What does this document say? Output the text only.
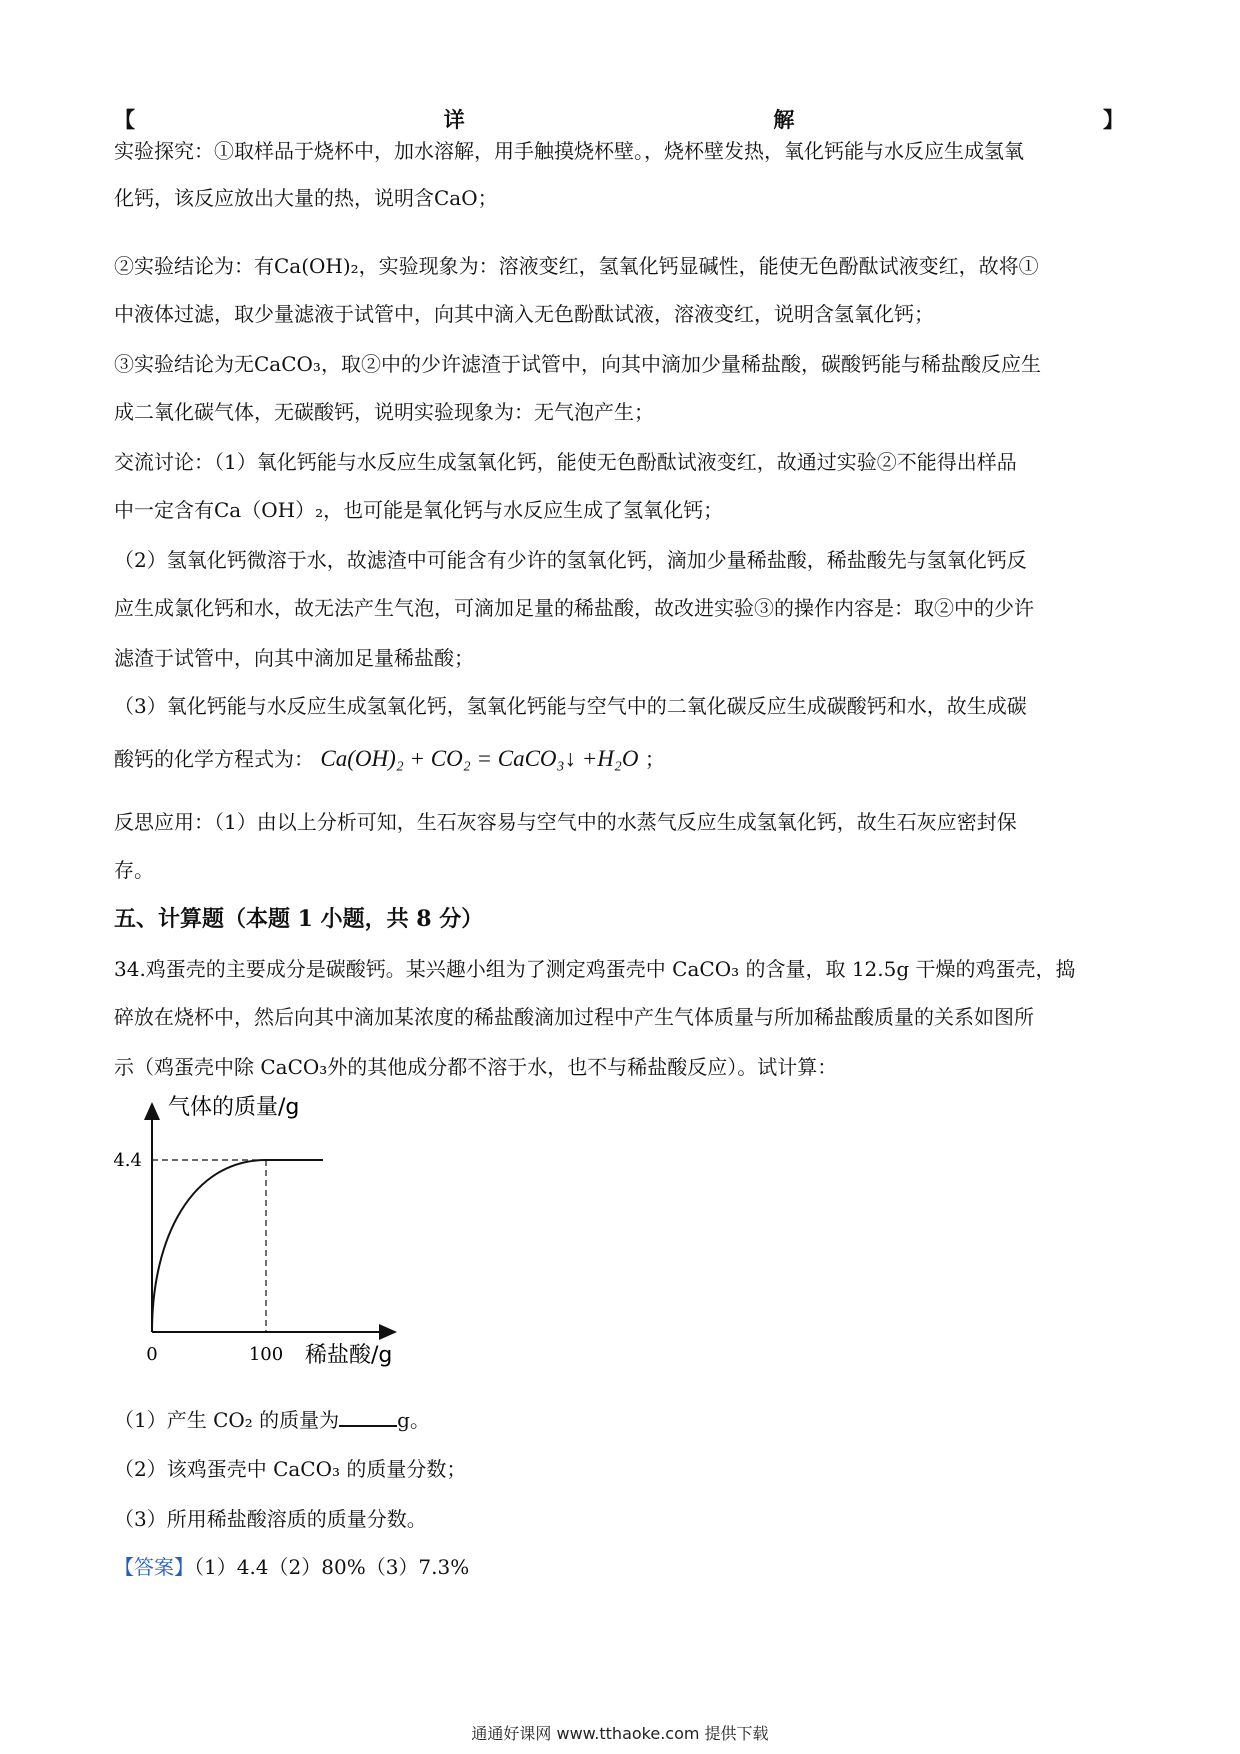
【	详	解	】
实验探究：①取样品于烧杯中，加水溶解，用手触摸烧杯壁。，烧杯壁发热，氧化钙能与水反应生成氢氧
化钙，该反应放出大量的热，说明含CaO；
②实验结论为：有Ca(OH)₂，实验现象为：溶液变红，氢氧化钙显碱性，能使无色酚酞试液变红，故将①
中液体过滤，取少量滤液于试管中，向其中滴入无色酚酞试液，溶液变红，说明含氢氧化钙；
③实验结论为无CaCO₃，取②中的少许滤渣于试管中，向其中滴加少量稀盐酸，碳酸钙能与稀盐酸反应生
成二氧化碳气体，无碳酸钙，说明实验现象为：无气泡产生；
交流讨论：（1）氧化钙能与水反应生成氢氧化钙，能使无色酚酞试液变红，故通过实验②不能得出样品
中一定含有Ca（OH）₂，也可能是氧化钙与水反应生成了氢氧化钙；
（2）氢氧化钙微溶于水，故滤渣中可能含有少许的氢氧化钙，滴加少量稀盐酸，稀盐酸先与氢氧化钙反
应生成氯化钙和水，故无法产生气泡，可滴加足量的稀盐酸，故改进实验③的操作内容是：取②中的少许
滤渣于试管中，向其中滴加足量稀盐酸；
（3）氧化钙能与水反应生成氢氧化钙，氢氧化钙能与空气中的二氧化碳反应生成碳酸钙和水，故生成碳
酸钙的化学方程式为： Ca(OH)₂ + CO₂ = CaCO₃↓ +H₂O ；
反思应用：（1）由以上分析可知，生石灰容易与空气中的水蒸气反应生成氢氧化钙，故生石灰应密封保
存。
五、计算题（本题 1 小题，共 8 分）
34.鸡蛋壳的主要成分是碳酸钙。某兴趣小组为了测定鸡蛋壳中 CaCO₃ 的含量，取 12.5g 干燥的鸡蛋壳，捣
碎放在烧杯中，然后向其中滴加某浓度的稀盐酸滴加过程中产生气体质量与所加稀盐酸质量的关系如图所
示（鸡蛋壳中除 CaCO₃外的其他成分都不溶于水，也不与稀盐酸反应）。试计算：
气体的质量/g
稀盐酸/g
0	100
4.4
（1）产生 CO₂ 的质量为	g。
（2）该鸡蛋壳中 CaCO₃ 的质量分数；
（3）所用稀盐酸溶质的质量分数。
【答案】（1）4.4（2）80%（3）7.3%
通通好课网 www.tthaoke.com 提供下载
